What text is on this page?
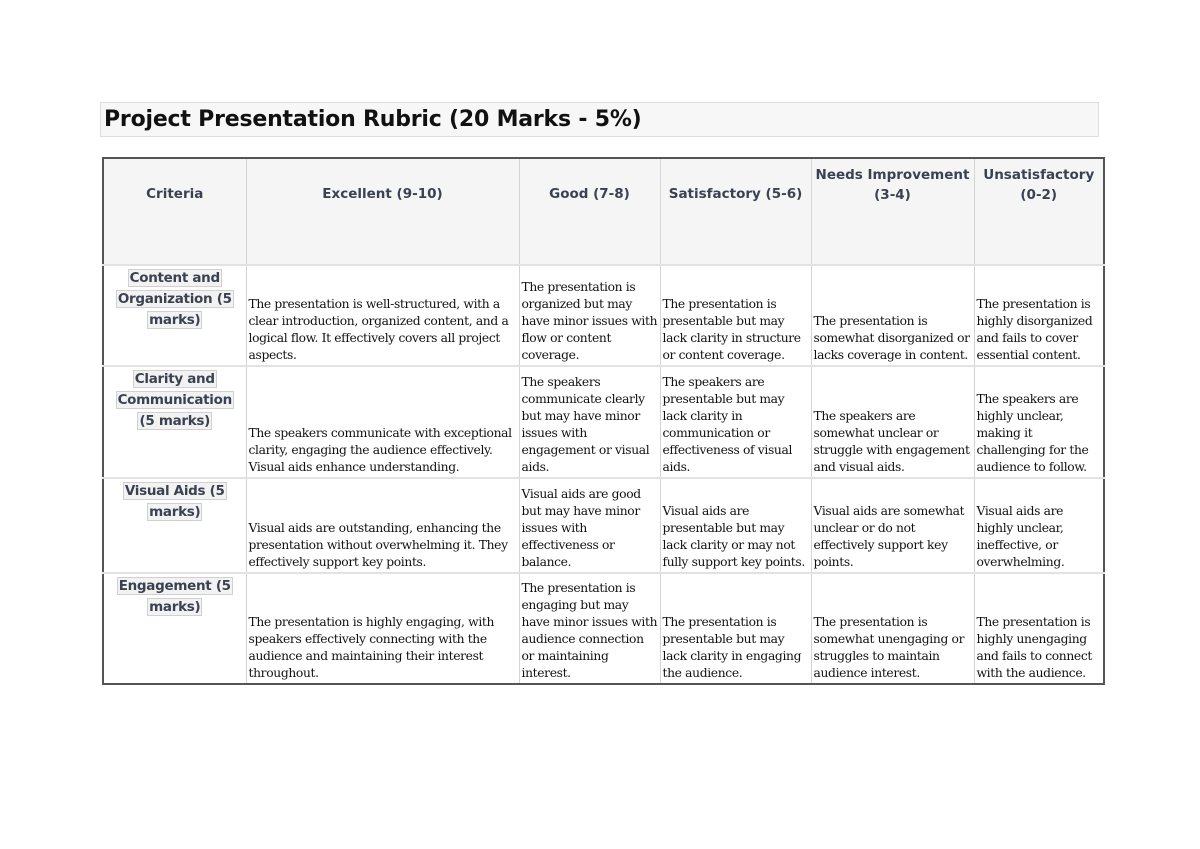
Project Presentation Rubric (20 Marks - 5%)
Criteria	Excellent (9-10)	Good (7-8)	Satisfactory (5-6)	Needs Improvement (3-4)	Unsatisfactory (0-2)
Content and Organization (5 marks)	The presentation is well-structured, with a clear introduction, organized content, and a logical flow. It effectively covers all project aspects.	The presentation is organized but may have minor issues with flow or content coverage.	The presentation is presentable but may lack clarity in structure or content coverage.	The presentation is somewhat disorganized or lacks coverage in content.	The presentation is highly disorganized and fails to cover essential content.
Clarity and Communication (5 marks)	The speakers communicate with exceptional clarity, engaging the audience effectively. Visual aids enhance understanding.	The speakers communicate clearly but may have minor issues with engagement or visual aids.	The speakers are presentable but may lack clarity in communication or effectiveness of visual aids.	The speakers are somewhat unclear or struggle with engagement and visual aids.	The speakers are highly unclear, making it challenging for the audience to follow.
Visual Aids (5 marks)	Visual aids are outstanding, enhancing the presentation without overwhelming it. They effectively support key points.	Visual aids are good but may have minor issues with effectiveness or balance.	Visual aids are presentable but may lack clarity or may not fully support key points.	Visual aids are somewhat unclear or do not effectively support key points.	Visual aids are highly unclear, ineffective, or overwhelming.
Engagement (5 marks)	The presentation is highly engaging, with speakers effectively connecting with the audience and maintaining their interest throughout.	The presentation is engaging but may have minor issues with audience connection or maintaining interest.	The presentation is presentable but may lack clarity in engaging the audience.	The presentation is somewhat unengaging or struggles to maintain audience interest.	The presentation is highly unengaging and fails to connect with the audience.
